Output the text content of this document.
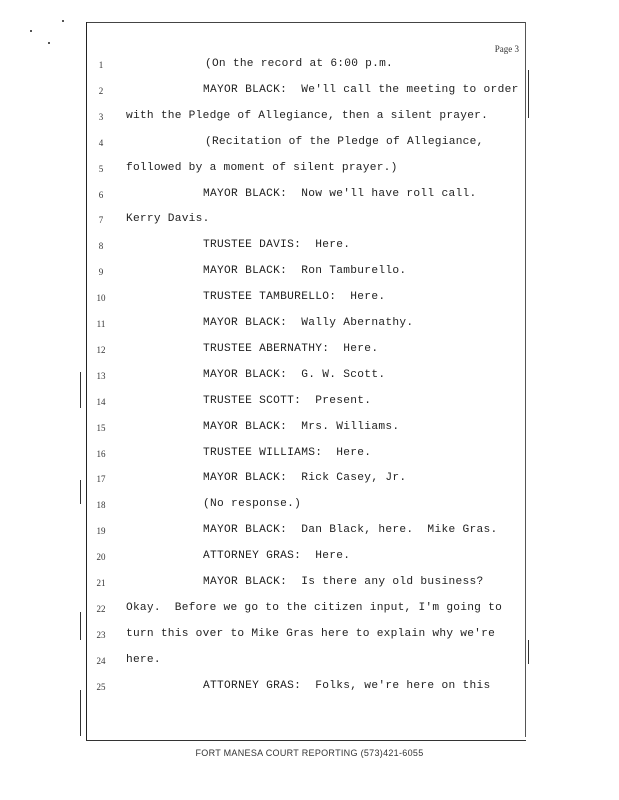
Page 3
1	(On the record at 6:00 p.m.
2	MAYOR BLACK:  We'll call the meeting to order
3	with the Pledge of Allegiance, then a silent prayer.
4	(Recitation of the Pledge of Allegiance,
5	followed by a moment of silent prayer.)
6	MAYOR BLACK:  Now we'll have roll call.
7	Kerry Davis.
8	TRUSTEE DAVIS:  Here.
9	MAYOR BLACK:  Ron Tamburello.
10	TRUSTEE TAMBURELLO:  Here.
11	MAYOR BLACK:  Wally Abernathy.
12	TRUSTEE ABERNATHY:  Here.
13	MAYOR BLACK:  G. W. Scott.
14	TRUSTEE SCOTT:  Present.
15	MAYOR BLACK:  Mrs. Williams.
16	TRUSTEE WILLIAMS:  Here.
17	MAYOR BLACK:  Rick Casey, Jr.
18	(No response.)
19	MAYOR BLACK:  Dan Black, here.  Mike Gras.
20	ATTORNEY GRAS:  Here.
21	MAYOR BLACK:  Is there any old business?
22	Okay.  Before we go to the citizen input, I'm going to
23	turn this over to Mike Gras here to explain why we're
24	here.
25	ATTORNEY GRAS:  Folks, we're here on this
FORT MANESA COURT REPORTING (573)421-6055
